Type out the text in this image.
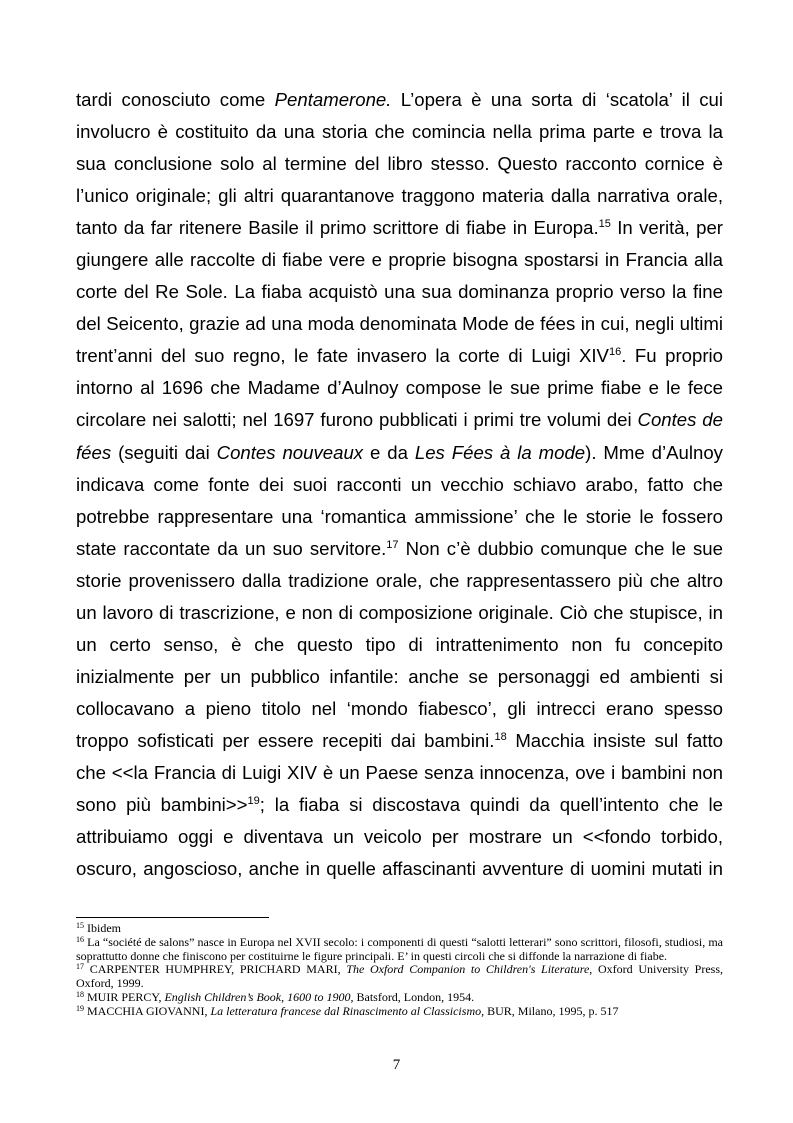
tardi conosciuto come Pentamerone. L’opera è una sorta di ‘scatola’ il cui
involucro è costituito da una storia che comincia nella prima parte e trova la
sua conclusione solo al termine del libro stesso. Questo racconto cornice è
l’unico originale; gli altri quarantanove traggono materia dalla narrativa orale,
tanto da far ritenere Basile il primo scrittore di fiabe in Europa.$^{15}$ In verità, per
giungere alle raccolte di fiabe vere e proprie bisogna spostarsi in Francia alla
corte del Re Sole. La fiaba acquistò una sua dominanza proprio verso la fine
del Seicento, grazie ad una moda denominata Mode de fées in cui, negli ultimi
trent’anni del suo regno, le fate invasero la corte di Luigi XIV$^{16}$. Fu proprio
intorno al 1696 che Madame d’Aulnoy compose le sue prime fiabe e le fece
circolare nei salotti; nel 1697 furono pubblicati i primi tre volumi dei Contes de
fées (seguiti dai Contes nouveaux e da Les Fées à la mode). Mme d’Aulnoy
indicava come fonte dei suoi racconti un vecchio schiavo arabo, fatto che
potrebbe rappresentare una ‘romantica ammissione’ che le storie le fossero
state raccontate da un suo servitore.$^{17}$ Non c’è dubbio comunque che le sue
storie provenissero dalla tradizione orale, che rappresentassero più che altro
un lavoro di trascrizione, e non di composizione originale. Ciò che stupisce, in
un certo senso, è che questo tipo di intrattenimento non fu concepito
inizialmente per un pubblico infantile: anche se personaggi ed ambienti si
collocavano a pieno titolo nel ‘mondo fiabesco’, gli intrecci erano spesso
troppo sofisticati per essere recepiti dai bambini.$^{18}$ Macchia insiste sul fatto
che <<la Francia di Luigi XIV è un Paese senza innocenza, ove i bambini non
sono più bambini>>$^{19}$; la fiaba si discostava quindi da quell’intento che le
attribuiamo oggi e diventava un veicolo per mostrare un <<fondo torbido,
oscuro, angoscioso, anche in quelle affascinanti avventure di uomini mutati in

$^{15}$ Ibidem

$^{16}$ La “société de salons” nasce in Europa nel XVII secolo: i componenti di questi “salotti letterari” sono scrittori, filosofi, studiosi, ma soprattutto donne che finiscono per costituirne le figure principali. E’ in questi circoli che si diffonde la narrazione di fiabe.

$^{17}$ CARPENTER HUMPHREY, PRICHARD MARI, The Oxford Companion to Children's Literature, Oxford University Press, Oxford, 1999.

$^{18}$ MUIR PERCY, English Children’s Book, 1600 to 1900, Batsford, London, 1954.

$^{19}$ MACCHIA GIOVANNI, La letteratura francese dal Rinascimento al Classicismo, BUR, Milano, 1995, p. 517

7
